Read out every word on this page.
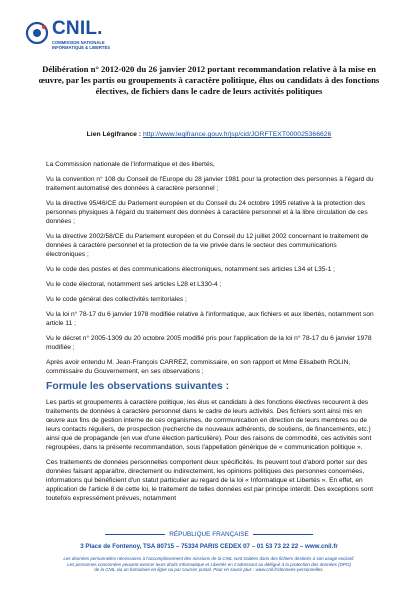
CNIL.
COMMISSION NATIONALE
INFORMATIQUE & LIBERTÉS
Délibération n° 2012-020 du 26 janvier 2012 portant recommandation relative à la mise en œuvre, par les partis ou groupements à caractère politique, élus ou candidats à des fonctions électives, de fichiers dans le cadre de leurs activités politiques
Lien Légifrance : http://www.legifrance.gouv.fr/jsp/cid/JORFTEXT000025366626

La Commission nationale de l'informatique et des libertés,

Vu la convention n° 108 du Conseil de l'Europe du 28 janvier 1981 pour la protection des personnes à l'égard du traitement automatisé des données à caractère personnel ;

Vu la directive 95/46/CE du Parlement européen et du Conseil du 24 octobre 1995 relative à la protection des personnes physiques à l'égard du traitement des données à caractère personnel et à la libre circulation de ces données ;

Vu la directive 2002/58/CE du Parlement européen et du Conseil du 12 juillet 2002 concernant le traitement de données à caractère personnel et la protection de la vie privée dans le secteur des communications électroniques ;

Vu le code des postes et des communications électroniques, notamment ses articles L34 et L35-1 ;

Vu le code électoral, notamment ses articles L28 et L330-4 ;

Vu le code général des collectivités territoriales ;

Vu la loi n° 78-17 du 6 janvier 1978 modifiée relative à l'informatique, aux fichiers et aux libertés, notamment son article 11 ;

Vu le décret n° 2005-1309 du 20 octobre 2005 modifié pris pour l'application de la loi n° 78-17 du 6 janvier 1978 modifiée ;

Après avoir entendu M. Jean-François CARREZ, commissaire, en son rapport et Mme Elisabeth ROLIN, commissaire du Gouvernement, en ses observations ;

Formule les observations suivantes :

Les partis et groupements à caractère politique, les élus et candidats à des fonctions électives recourent à des traitements de données à caractère personnel dans le cadre de leurs activités. Des fichiers sont ainsi mis en œuvre aux fins de gestion interne de ces organismes, de communication en direction de leurs membres ou de leurs contacts réguliers, de prospection (recherche de nouveaux adhérents, de soutiens, de financements, etc.) ainsi que de propagande (en vue d'une élection particulière). Pour des raisons de commodité, ces activités sont regroupées, dans la présente recommandation, sous l'appellation générique de « communication politique ».

Ces traitements de données personnelles comportent deux spécificités. Ils peuvent tout d'abord porter sur des données faisant apparaître, directement ou indirectement, les opinions politiques des personnes concernées, informations qui bénéficient d'un statut particulier au regard de la loi « Informatique et Libertés ». En effet, en application de l'article 8 de cette loi, le traitement de telles données est par principe interdit. Des exceptions sont toutefois expressément prévues, notamment

RÉPUBLIQUE FRANÇAISE
3 Place de Fontenoy, TSA 80715 – 75334 PARIS CEDEX 07 – 01 53 73 22 22 – www.cnil.fr
Les données personnelles nécessaires à l'accomplissement des missions de la CNIL sont traitées dans des fichiers destinés à son usage exclusif.
Les personnes concernées peuvent exercer leurs droits Informatique et Libertés en s'adressant au délégué à la protection des données (DPO)
de la CNIL via un formulaire en ligne ou par courrier postal. Pour en savoir plus : www.cnil.fr/donnees-personnelles.
